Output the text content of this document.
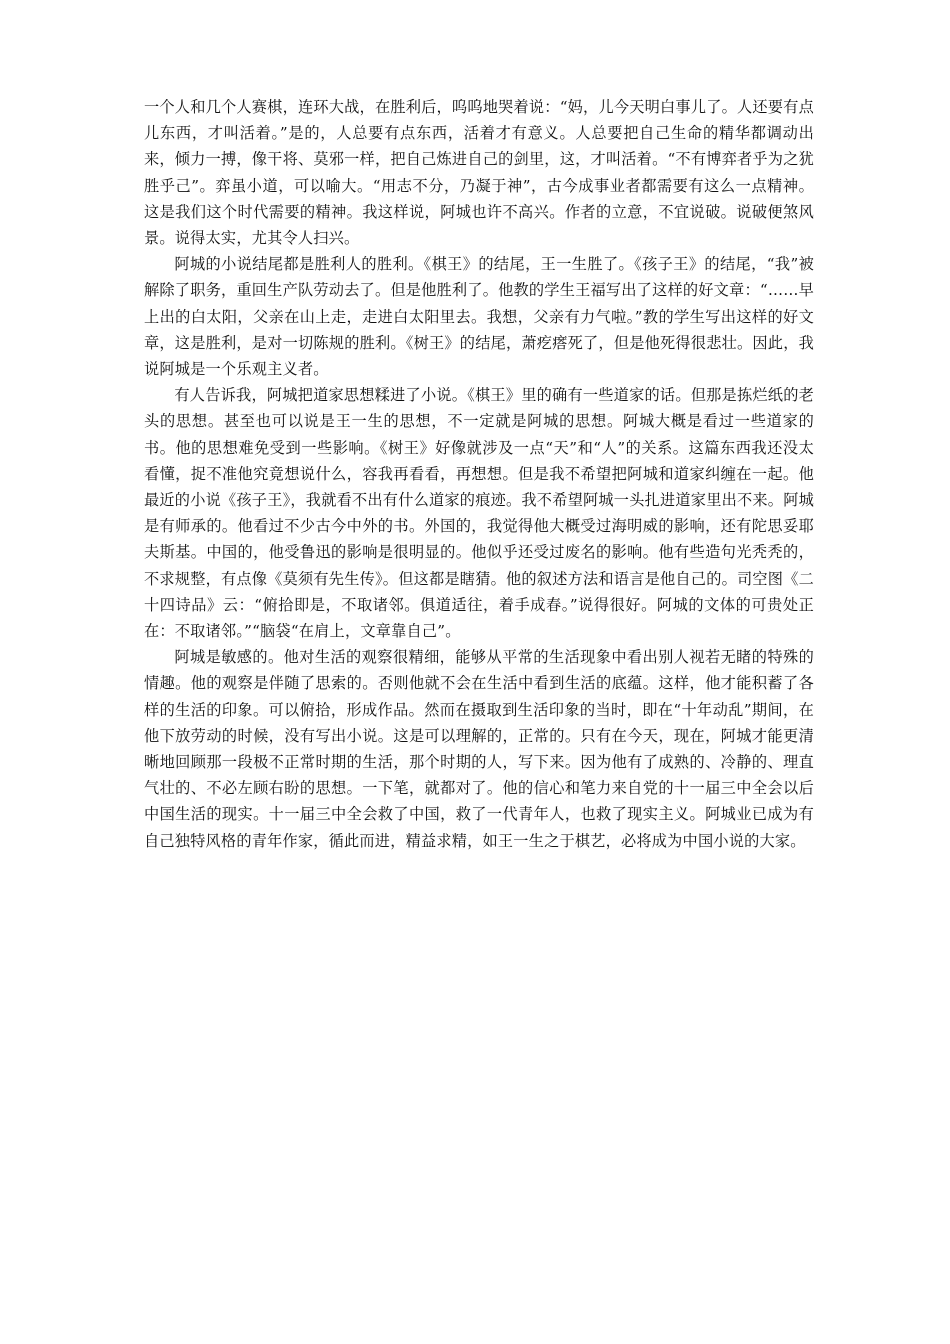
一个人和几个人赛棋，连环大战，在胜利后，呜呜地哭着说：“妈，儿今天明白事儿了。人还要有点儿东西，才叫活着。”是的，人总要有点东西，活着才有意义。人总要把自己生命的精华都调动出来，倾力一搏，像干将、莫邪一样，把自己炼进自己的剑里，这，才叫活着。“不有博弈者乎为之犹胜乎己”。弈虽小道，可以喻大。“用志不分，乃凝于神”，古今成事业者都需要有这么一点精神。这是我们这个时代需要的精神。我这样说，阿城也许不高兴。作者的立意，不宜说破。说破便煞风景。说得太实，尤其令人扫兴。

阿城的小说结尾都是胜利人的胜利。《棋王》的结尾，王一生胜了。《孩子王》的结尾，“我”被解除了职务，重回生产队劳动去了。但是他胜利了。他教的学生王福写出了这样的好文章：“……早上出的白太阳，父亲在山上走，走进白太阳里去。我想，父亲有力气啦。”教的学生写出这样的好文章，这是胜利，是对一切陈规的胜利。《树王》的结尾，萧疙瘩死了，但是他死得很悲壮。因此，我说阿城是一个乐观主义者。

有人告诉我，阿城把道家思想糅进了小说。《棋王》里的确有一些道家的话。但那是拣烂纸的老头的思想。甚至也可以说是王一生的思想，不一定就是阿城的思想。阿城大概是看过一些道家的书。他的思想难免受到一些影响。《树王》好像就涉及一点“天”和“人”的关系。这篇东西我还没太看懂，捉不准他究竟想说什么，容我再看看，再想想。但是我不希望把阿城和道家纠缠在一起。他最近的小说《孩子王》，我就看不出有什么道家的痕迹。我不希望阿城一头扎进道家里出不来。阿城是有师承的。他看过不少古今中外的书。外国的，我觉得他大概受过海明威的影响，还有陀思妥耶夫斯基。中国的，他受鲁迅的影响是很明显的。他似乎还受过废名的影响。他有些造句光秃秃的，不求规整，有点像《莫须有先生传》。但这都是瞎猜。他的叙述方法和语言是他自己的。司空图《二十四诗品》云：“俯拾即是，不取诸邻。俱道适往，着手成春。”说得很好。阿城的文体的可贵处正在：不取诸邻。”“脑袋“在肩上，文章靠自己”。

阿城是敏感的。他对生活的观察很精细，能够从平常的生活现象中看出别人视若无睹的特殊的情趣。他的观察是伴随了思索的。否则他就不会在生活中看到生活的底蕴。这样，他才能积蓄了各样的生活的印象。可以俯拾，形成作品。然而在摄取到生活印象的当时，即在“十年动乱”期间，在他下放劳动的时候，没有写出小说。这是可以理解的，正常的。只有在今天，现在，阿城才能更清晰地回顾那一段极不正常时期的生活，那个时期的人，写下来。因为他有了成熟的、冷静的、理直气壮的、不必左顾右盼的思想。一下笔，就都对了。他的信心和笔力来自党的十一届三中全会以后中国生活的现实。十一届三中全会救了中国，救了一代青年人，也救了现实主义。阿城业已成为有自己独特风格的青年作家，循此而进，精益求精，如王一生之于棋艺，必将成为中国小说的大家。
